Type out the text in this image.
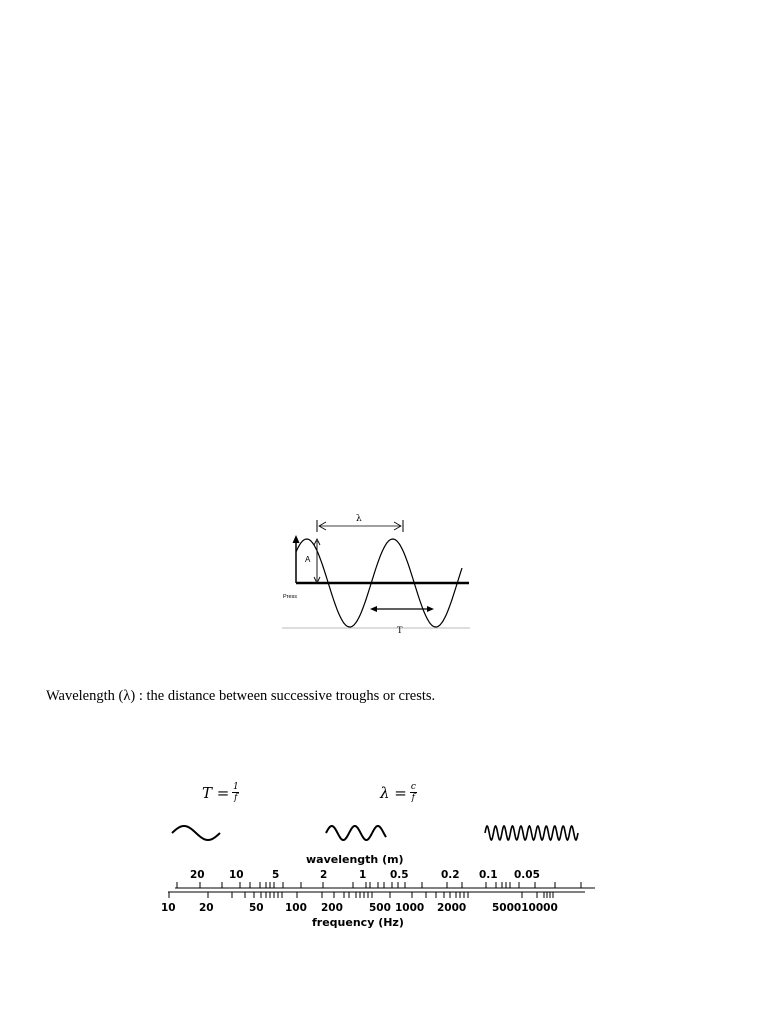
λ
A
Press
T
Wavelength (λ) : the distance between successive troughs or crests.
$T = \frac{1}{f}$	$\lambda = \frac{c}{f}$
wavelength (m)
20 10	5	2	1 0.5	0.2 0.1 0.05
10 20	50 100 200 500 1000 2000 500010000
frequency (Hz)
